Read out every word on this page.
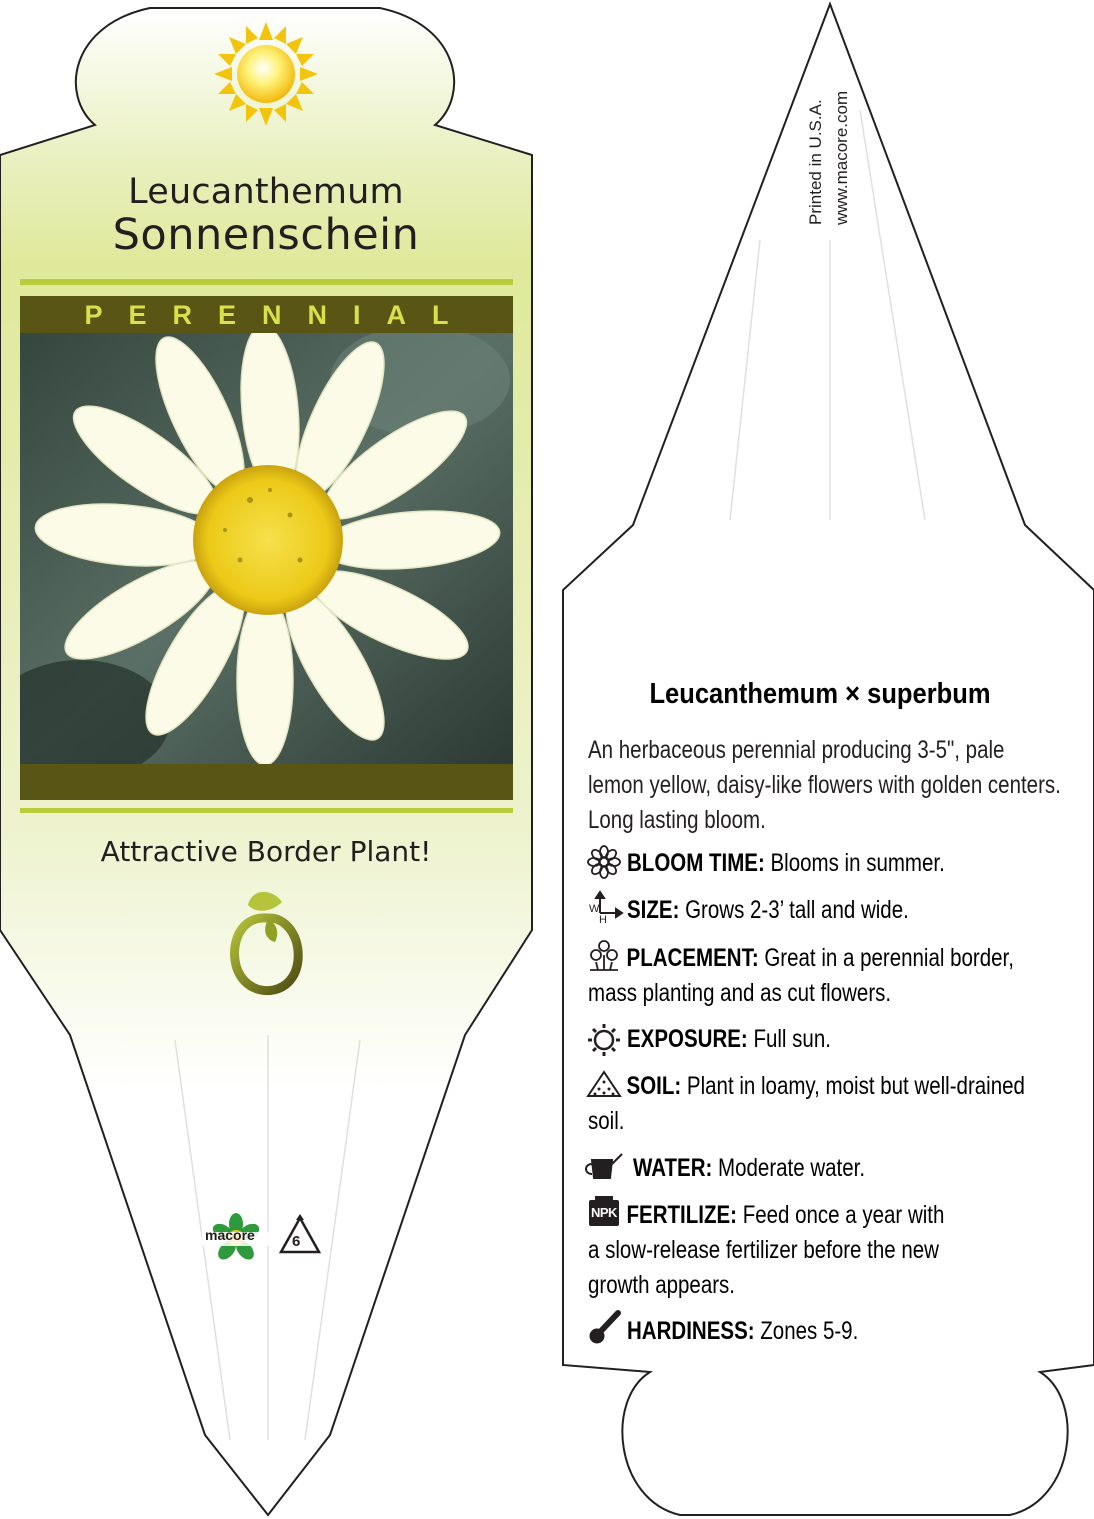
Leucanthemum
Sonnenschein
PERENNIAL
Attractive Border Plant!
macore 6
Printed in U.S.A. www.macore.com
Leucanthemum × superbum
An herbaceous perennial producing 3-5", pale lemon yellow, daisy-like flowers with golden centers. Long lasting bloom.
BLOOM TIME: Blooms in summer.
W
H SIZE: Grows 2-3’ tall and wide.
PLACEMENT: Great in a perennial border, mass planting and as cut flowers.
EXPOSURE: Full sun.
SOIL: Plant in loamy, moist but well-drained soil.
WATER: Moderate water.
NPK FERTILIZE: Feed once a year with a slow-release fertilizer before the new growth appears.
HARDINESS: Zones 5-9.
